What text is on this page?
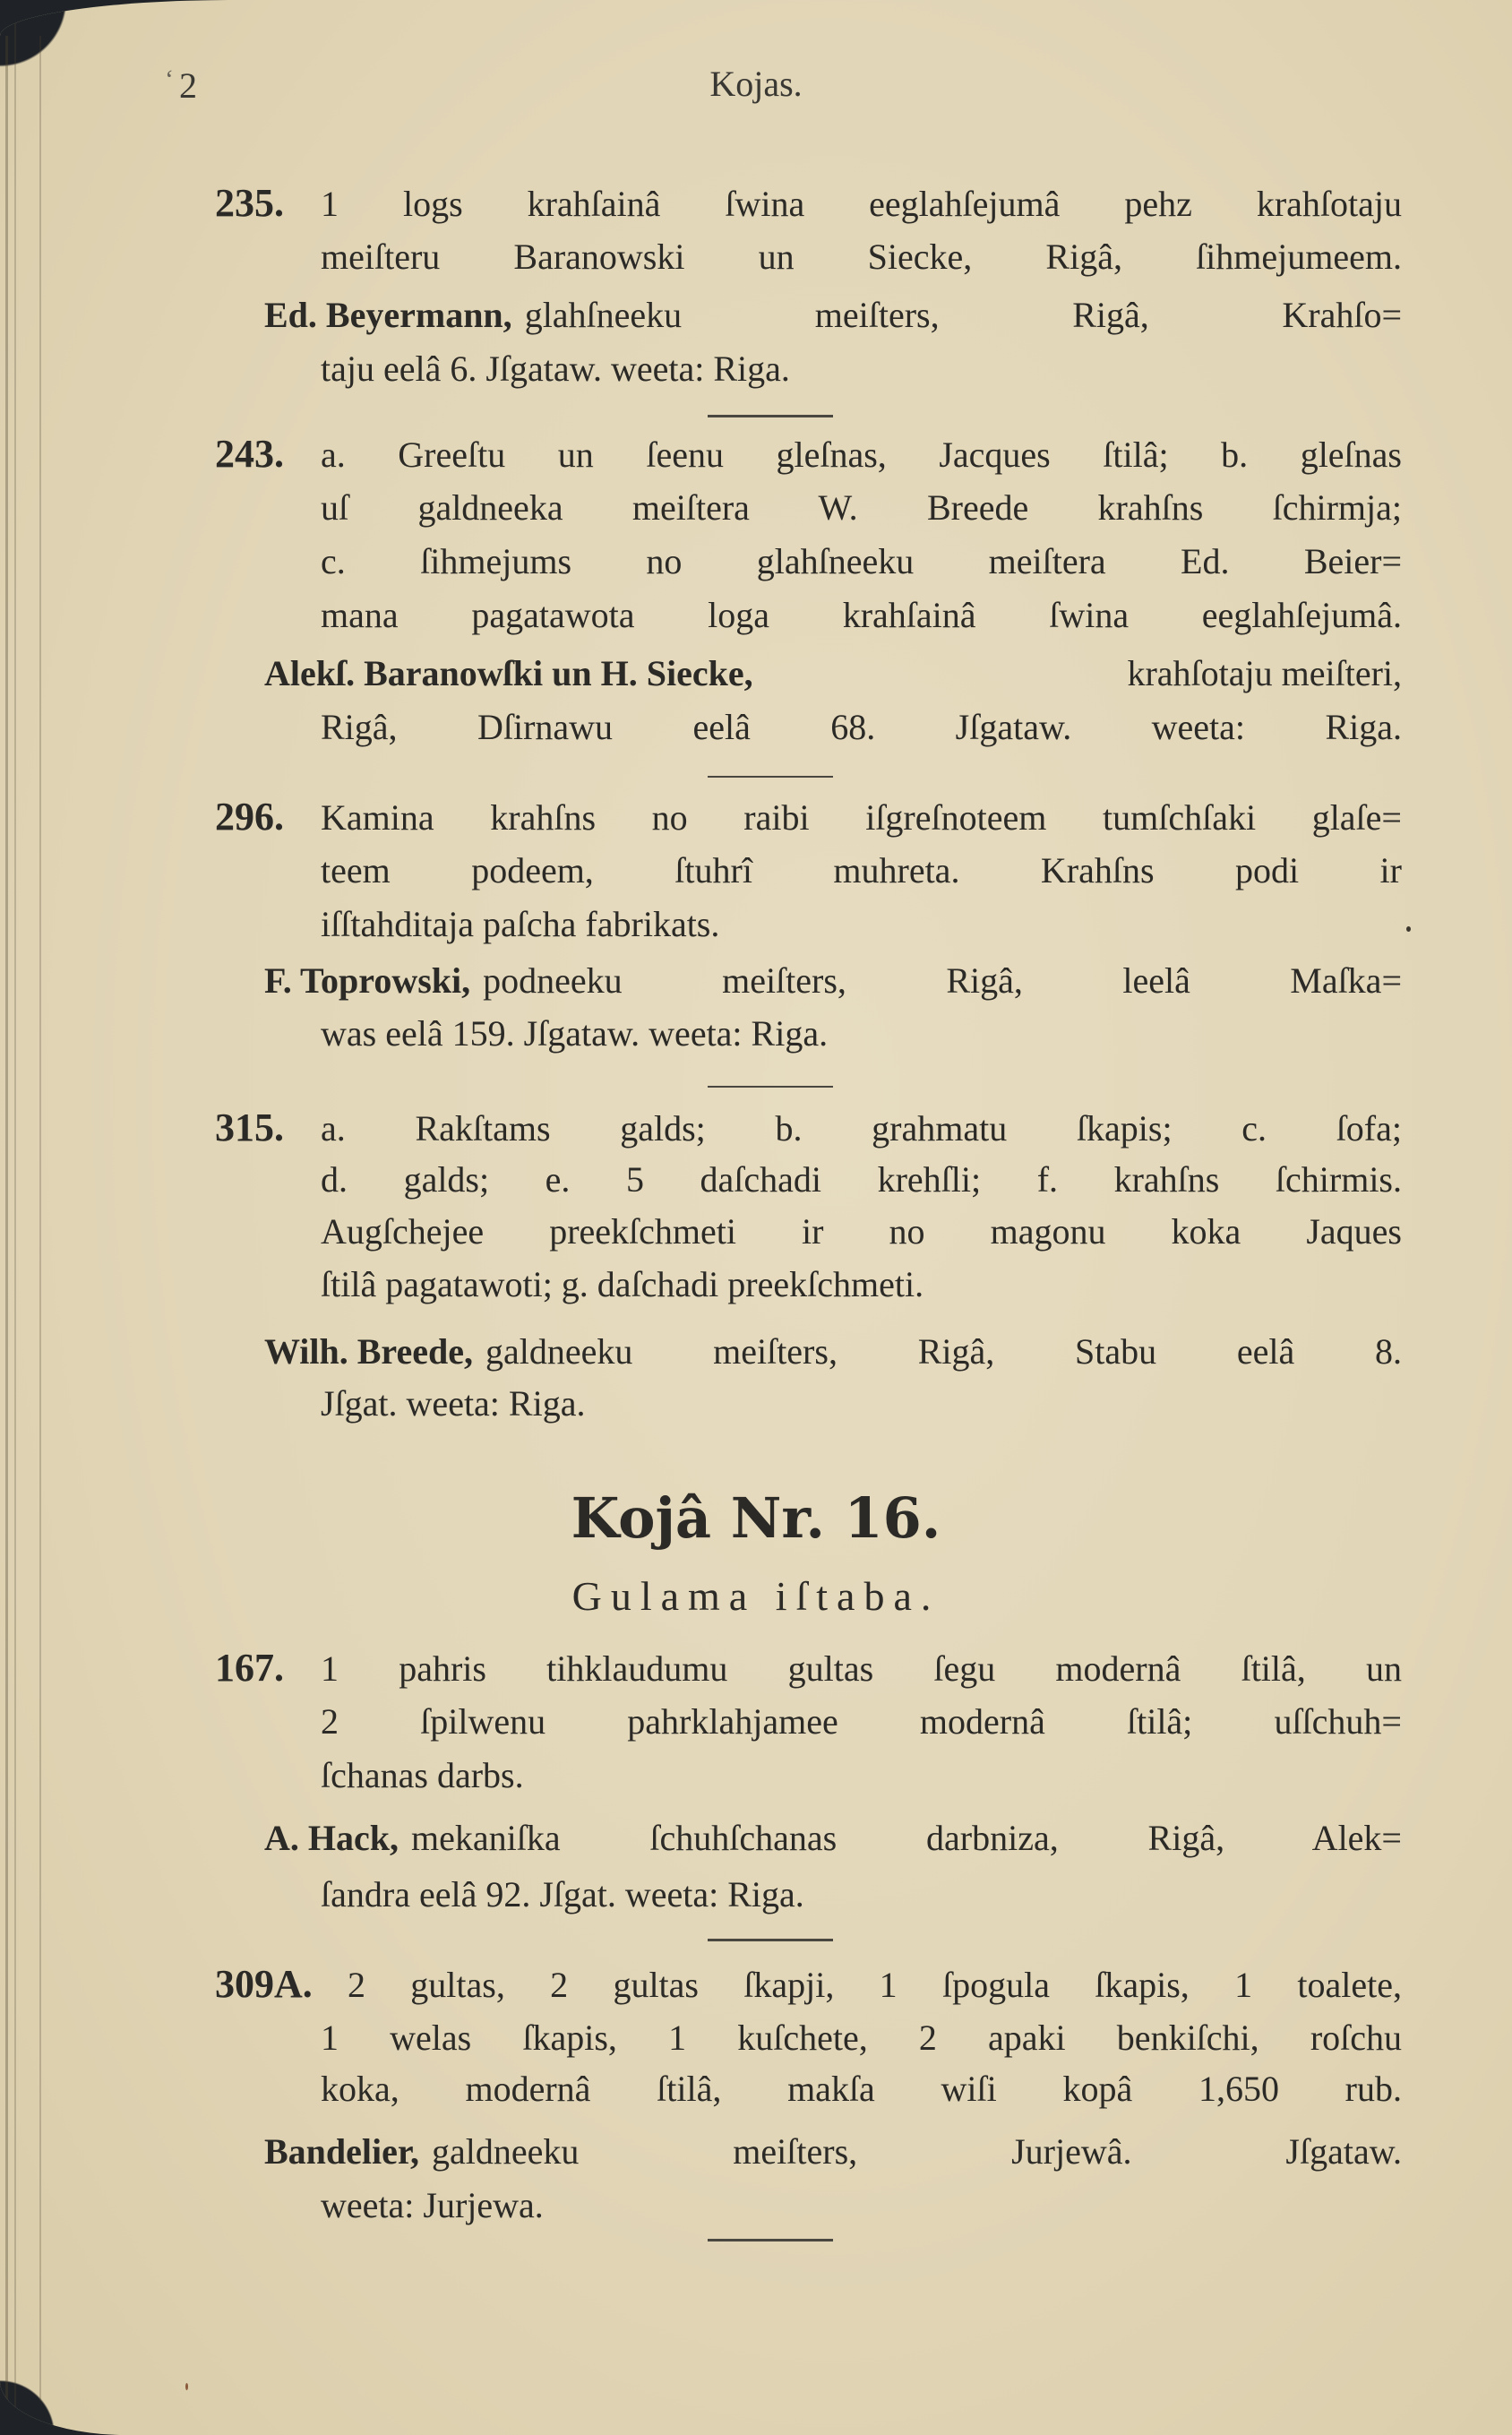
‘ 2	Kojas.
235.	1 logs krahſainâ ſwina eeglahſejumâ pehz krahſotaju
meiſteru Baranowski un Siecke, Rigâ, ſihmejumeem.
Ed. Beyermann, glahſneeku meiſters, Rigâ, Krahſo=
taju eelâ 6. Jſgataw. weeta: Riga.
243.	a. Greeſtu un ſeenu gleſnas, Jacques ſtilâ; b. gleſnas
uſ galdneeka meiſtera W. Breede krahſns ſchirmja;
c. ſihmejums no glahſneeku meiſtera Ed. Beier=
mana pagatawota loga krahſainâ ſwina eeglahſejumâ.
Alekſ. Baranowſki un H. Siecke,	krahſotaju meiſteri,
Rigâ, Dſirnawu eelâ 68. Jſgataw. weeta: Riga.
296.	Kamina krahſns no raibi iſgreſnoteem tumſchſaki glaſe=
teem podeem, ſtuhrî muhreta. Krahſns podi ir
iſſtahditaja paſcha fabrikats.
F. Toprowski, podneeku meiſters, Rigâ, leelâ Maſka=
was eelâ 159. Jſgataw. weeta: Riga.
315.	a. Rakſtams galds; b. grahmatu ſkapis; c. ſofa;
d. galds; e. 5 daſchadi krehſli; f. krahſns ſchirmis.
Augſchejee preekſchmeti ir no magonu koka Jaques
ſtilâ pagatawoti; g. daſchadi preekſchmeti.
Wilh. Breede, galdneeku meiſters, Rigâ, Stabu eelâ 8.
Jſgat. weeta: Riga.
Kojâ Nr. 16.
Gulama iſtaba.
167.	1 pahris tihklaudumu gultas ſegu modernâ ſtilâ, un
2 ſpilwenu pahrklahjamee modernâ ſtilâ; uſſchuh=
ſchanas darbs.
A. Hack, mekaniſka ſchuhſchanas darbniza, Rigâ, Alek=
ſandra eelâ 92. Jſgat. weeta: Riga.
309A. 2 gultas, 2 gultas ſkapji, 1 ſpogula ſkapis, 1 toalete,
1 welas ſkapis, 1 kuſchete, 2 apaki benkiſchi, roſchu
koka, modernâ ſtilâ, makſa wiſi kopâ 1,650 rub.
Bandelier, galdneeku meiſters, Jurjewâ. Jſgataw.
weeta: Jurjewa.
